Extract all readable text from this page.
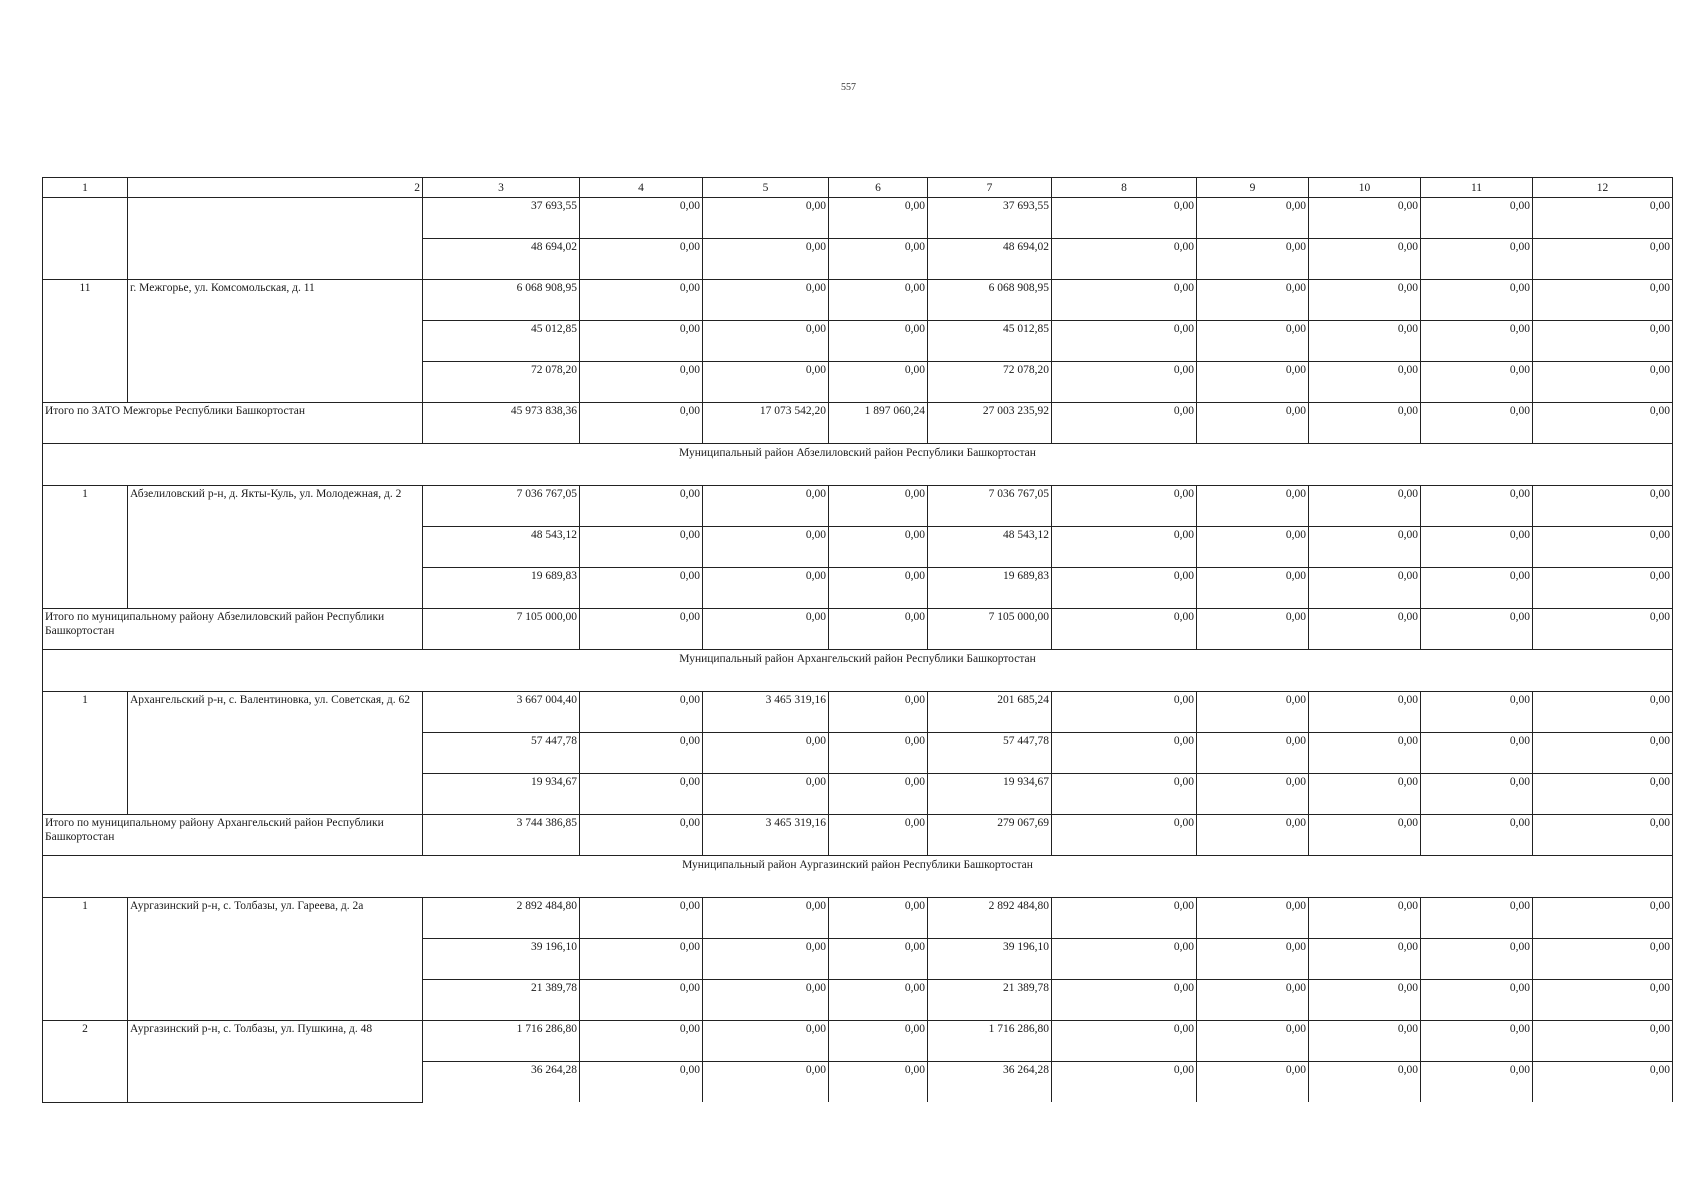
557
1	2	3	4	5	6	7	8	9	10	11	12
		37 693,55	0,00	0,00	0,00	37 693,55	0,00	0,00	0,00	0,00	0,00
		48 694,02	0,00	0,00	0,00	48 694,02	0,00	0,00	0,00	0,00	0,00
11	г. Межгорье, ул. Комсомольская, д. 11	6 068 908,95	0,00	0,00	0,00	6 068 908,95	0,00	0,00	0,00	0,00	0,00
		45 012,85	0,00	0,00	0,00	45 012,85	0,00	0,00	0,00	0,00	0,00
		72 078,20	0,00	0,00	0,00	72 078,20	0,00	0,00	0,00	0,00	0,00
Итого по ЗАТО Межгорье Республики Башкортостан		45 973 838,36	0,00	17 073 542,20	1 897 060,24	27 003 235,92	0,00	0,00	0,00	0,00	0,00
Муниципальный район Абзелиловский район Республики Башкортостан											
1	Абзелиловский р-н, д. Якты-Куль, ул. Молодежная, д. 2	7 036 767,05	0,00	0,00	0,00	7 036 767,05	0,00	0,00	0,00	0,00	0,00
		48 543,12	0,00	0,00	0,00	48 543,12	0,00	0,00	0,00	0,00	0,00
		19 689,83	0,00	0,00	0,00	19 689,83	0,00	0,00	0,00	0,00	0,00
Итого по муниципальному району Абзелиловский район Республики Башкортостан		7 105 000,00	0,00	0,00	0,00	7 105 000,00	0,00	0,00	0,00	0,00	0,00
Муниципальный район Архангельский район Республики Башкортостан											
1	Архангельский р-н, с. Валентиновка, ул. Советская, д. 62	3 667 004,40	0,00	3 465 319,16	0,00	201 685,24	0,00	0,00	0,00	0,00	0,00
		57 447,78	0,00	0,00	0,00	57 447,78	0,00	0,00	0,00	0,00	0,00
		19 934,67	0,00	0,00	0,00	19 934,67	0,00	0,00	0,00	0,00	0,00
Итого по муниципальному району Архангельский район Республики Башкортостан		3 744 386,85	0,00	3 465 319,16	0,00	279 067,69	0,00	0,00	0,00	0,00	0,00
Муниципальный район Аургазинский район Республики Башкортостан											
1	Аургазинский р-н, с. Толбазы, ул. Гареева, д. 2а	2 892 484,80	0,00	0,00	0,00	2 892 484,80	0,00	0,00	0,00	0,00	0,00
		39 196,10	0,00	0,00	0,00	39 196,10	0,00	0,00	0,00	0,00	0,00
		21 389,78	0,00	0,00	0,00	21 389,78	0,00	0,00	0,00	0,00	0,00
2	Аургазинский р-н, с. Толбазы, ул. Пушкина, д. 48	1 716 286,80	0,00	0,00	0,00	1 716 286,80	0,00	0,00	0,00	0,00	0,00
		36 264,28	0,00	0,00	0,00	36 264,28	0,00	0,00	0,00	0,00	0,00
